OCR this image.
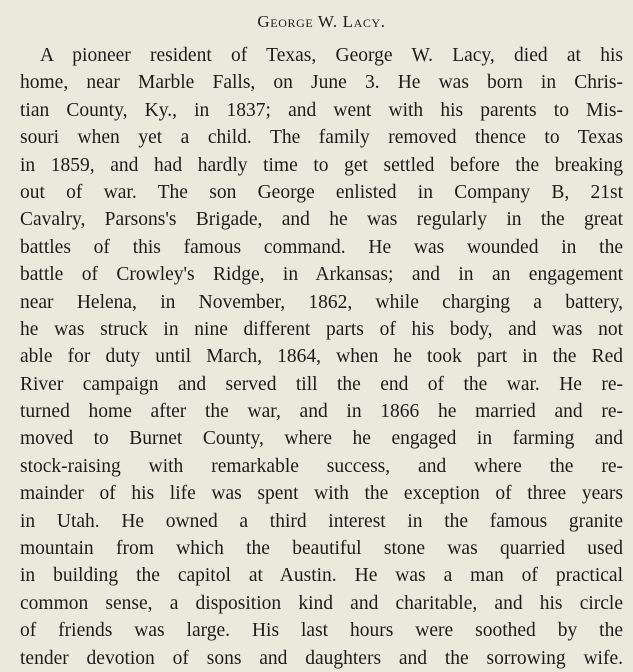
George W. Lacy.
A pioneer resident of Texas, George W. Lacy, died at his
home, near Marble Falls, on June 3. He was born in Chris-
tian County, Ky., in 1837; and went with his parents to Mis-
souri when yet a child. The family removed thence to Texas
in 1859, and had hardly time to get settled before the breaking
out of war. The son George enlisted in Company B, 21st
Cavalry, Parsons's Brigade, and he was regularly in the great
battles of this famous command. He was wounded in the
battle of Crowley's Ridge, in Arkansas; and in an engagement
near Helena, in November, 1862, while charging a battery,
he was struck in nine different parts of his body, and was not
able for duty until March, 1864, when he took part in the Red
River campaign and served till the end of the war. He re-
turned home after the war, and in 1866 he married and re-
moved to Burnet County, where he engaged in farming and
stock-raising with remarkable success, and where the re-
mainder of his life was spent with the exception of three years
in Utah. He owned a third interest in the famous granite
mountain from which the beautiful stone was quarried used
in building the capitol at Austin. He was a man of practical
common sense, a disposition kind and charitable, and his circle
of friends was large. His last hours were soothed by the
tender devotion of sons and daughters and the sorrowing wife.
